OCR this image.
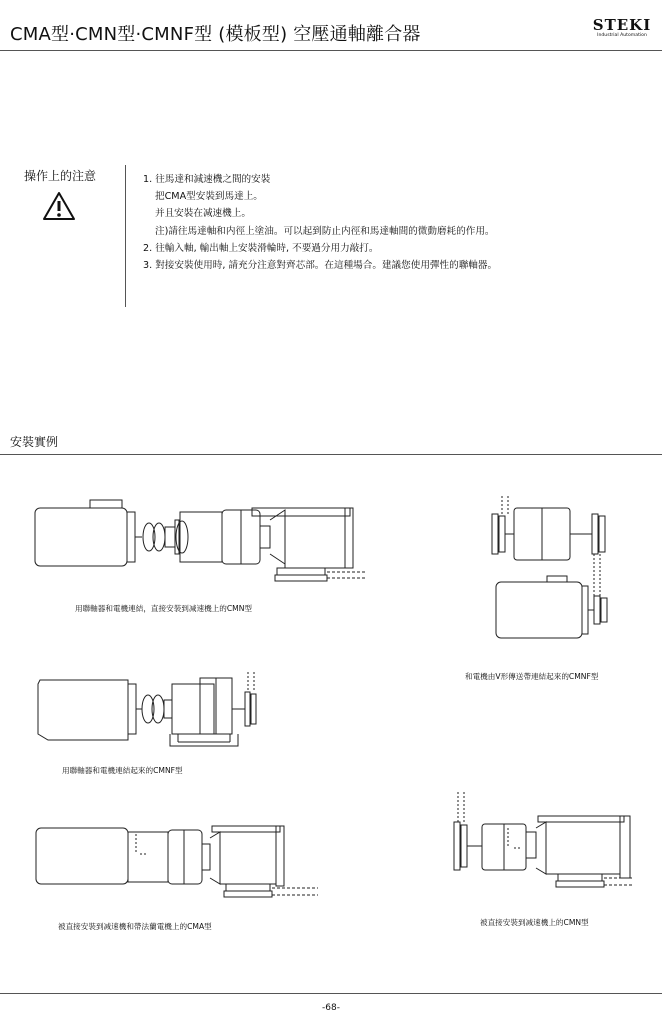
CMA型·CMN型·CMNF型 (模板型) 空壓通軸離合器	STEKI
Industrial Automation
操作上的注意	1. 往馬達和減速機之間的安裝
把CMA型安裝到馬達上。
并且安裝在减速機上。
注)請往馬達軸和内徑上塗油。可以起到防止内徑和馬達軸間的微動磨耗的作用。
2. 往輸入軸, 輸出軸上安裝滑輪時, 不要過分用力敲打。
3. 對接安裝使用時, 請充分注意對齊芯部。在這種場合。建議您使用彈性的聯軸器。
安裝實例
用聯軸器和電機連結，直接安裝到减速機上的CMN型
和電機由V形傳送帶連結起來的CMNF型
用聯軸器和電機連結起來的CMNF型
被直接安裝到减速機和帶法蘭電機上的CMA型	被直接安裝到减速機上的CMN型
-68-
